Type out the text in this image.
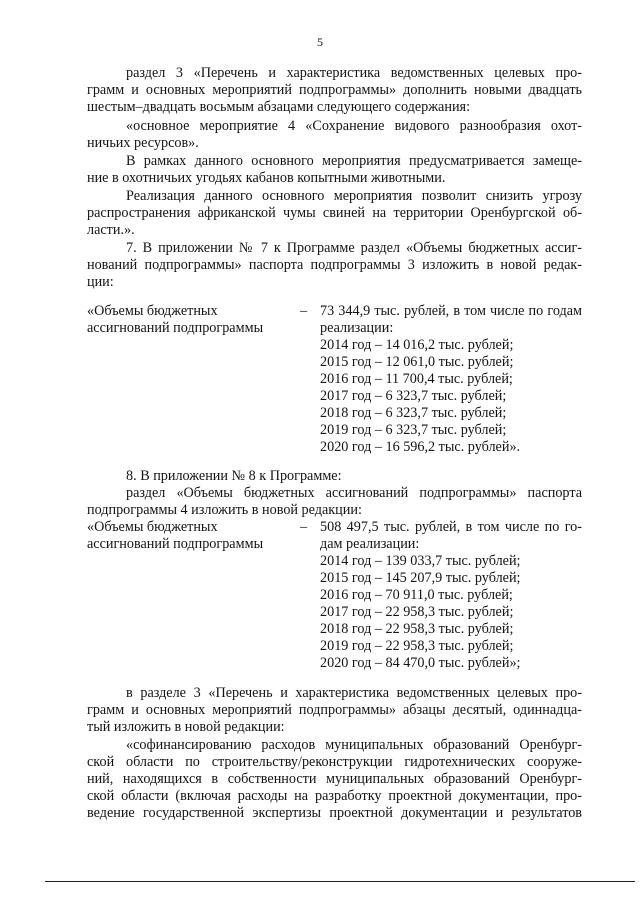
5
раздел 3 «Перечень и характеристика ведомственных целевых про-
грамм и основных мероприятий подпрограммы» дополнить новыми двадцать
шестым–двадцать восьмым абзацами следующего содержания:
«основное мероприятие 4 «Сохранение видового разнообразия охот-
ничьих ресурсов».
В рамках данного основного мероприятия предусматривается замеще-
ние в охотничьих угодьях кабанов копытными животными.
Реализация данного основного мероприятия позволит снизить угрозу
распространения африканской чумы свиней на территории Оренбургской об-
ласти.».
7. В приложении № 7 к Программе раздел «Объемы бюджетных ассиг-
нований подпрограммы» паспорта подпрограммы 3 изложить в новой редак-
ции:
«Объемы бюджетных
ассигнований подпрограммы
– 73 344,9 тыс. рублей, в том числе по годам
реализации:
2014 год – 14 016,2 тыс. рублей;
2015 год – 12 061,0 тыс. рублей;
2016 год – 11 700,4 тыс. рублей;
2017 год – 6 323,7 тыс. рублей;
2018 год – 6 323,7 тыс. рублей;
2019 год – 6 323,7 тыс. рублей;
2020 год – 16 596,2 тыс. рублей».
8. В приложении № 8 к Программе:
раздел «Объемы бюджетных ассигнований подпрограммы» паспорта
подпрограммы 4 изложить в новой редакции:
«Объемы бюджетных
ассигнований подпрограммы
– 508 497,5 тыс. рублей, в том числе по го-
дам реализации:
2014 год – 139 033,7 тыс. рублей;
2015 год – 145 207,9 тыс. рублей;
2016 год – 70 911,0 тыс. рублей;
2017 год – 22 958,3 тыс. рублей;
2018 год – 22 958,3 тыс. рублей;
2019 год – 22 958,3 тыс. рублей;
2020 год – 84 470,0 тыс. рублей»;
в разделе 3 «Перечень и характеристика ведомственных целевых про-
грамм и основных мероприятий подпрограммы» абзацы десятый, одиннадца-
тый изложить в новой редакции:
«софинансированию расходов муниципальных образований Оренбург-
ской области по строительству/реконструкции гидротехнических сооруже-
ний, находящихся в собственности муниципальных образований Оренбург-
ской области (включая расходы на разработку проектной документации, про-
ведение государственной экспертизы проектной документации и результатов
